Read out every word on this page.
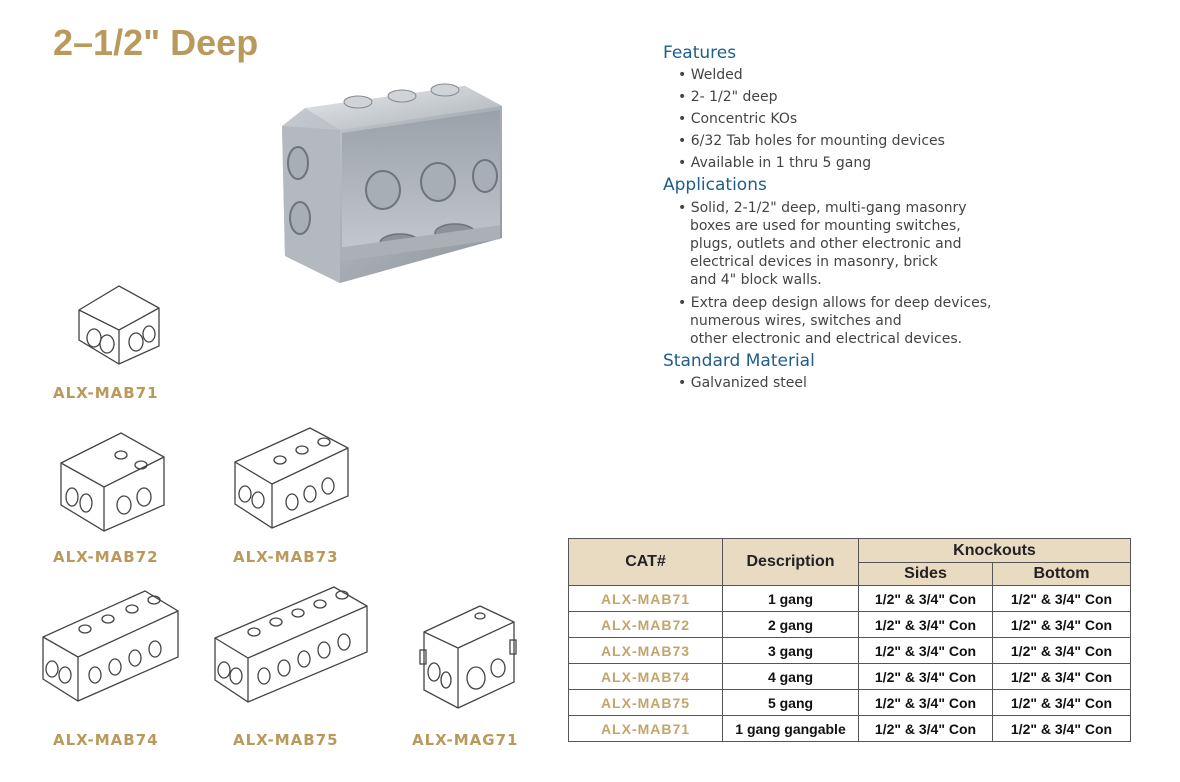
2–1/2" Deep
ALX-MAB71
ALX-MAB72	ALX-MAB73
ALX-MAB74	ALX-MAB75	ALX-MAG71
Features
• Welded
• 2- 1/2" deep
• Concentric KOs
• 6/32 Tab holes for mounting devices
• Available in 1 thru 5 gang
Applications
• Solid, 2-1/2" deep, multi-gang masonry
boxes are used for mounting switches,
plugs, outlets and other electronic and
electrical devices in masonry, brick
and 4" block walls.
• Extra deep design allows for deep devices,
numerous wires, switches and
other electronic and electrical devices.
Standard Material
• Galvanized steel
CAT#	Description	Knockouts	
		Sides	Bottom
ALX-MAB71	1 gang	1/2" & 3/4" Con	1/2" & 3/4" Con
ALX-MAB72	2 gang	1/2" & 3/4" Con	1/2" & 3/4" Con
ALX-MAB73	3 gang	1/2" & 3/4" Con	1/2" & 3/4" Con
ALX-MAB74	4 gang	1/2" & 3/4" Con	1/2" & 3/4" Con
ALX-MAB75	5 gang	1/2" & 3/4" Con	1/2" & 3/4" Con
ALX-MAB71	1 gang gangable	1/2" & 3/4" Con	1/2" & 3/4" Con
